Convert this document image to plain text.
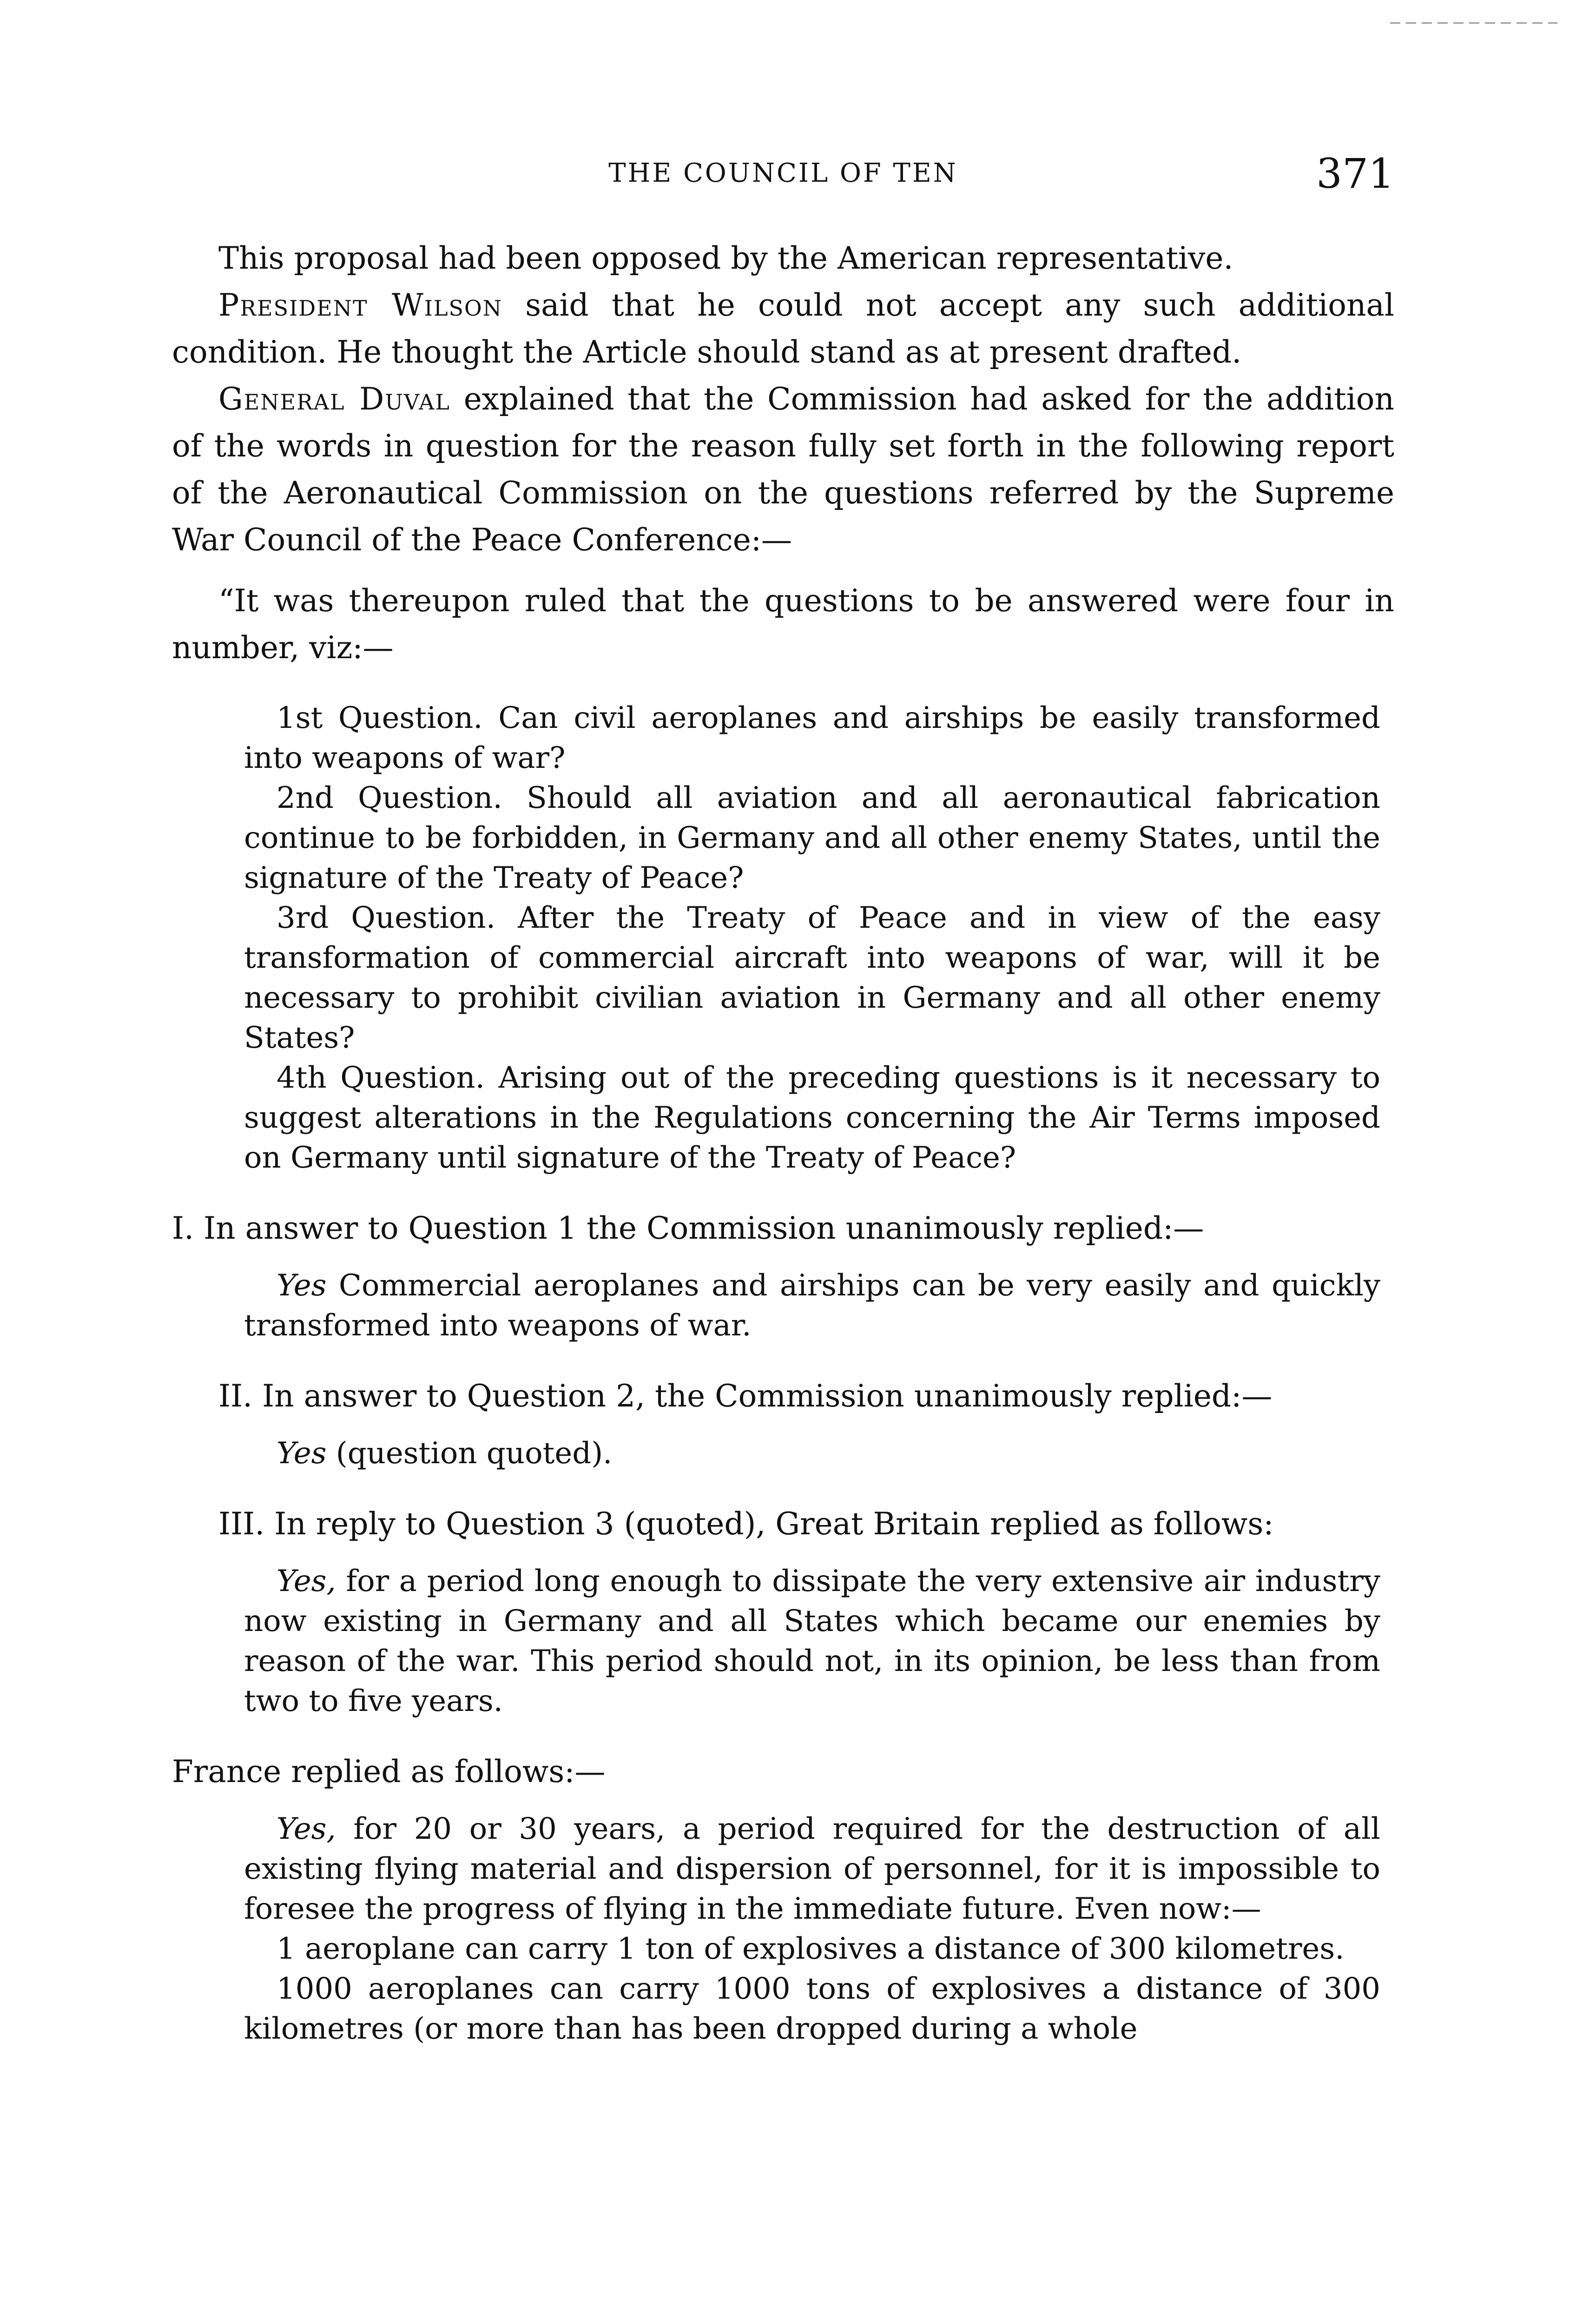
THE COUNCIL OF TEN	371

This proposal had been opposed by the American representative.

President Wilson said that he could not accept any such additional condition. He thought the Article should stand as at present drafted.

General Duval explained that the Commission had asked for the addition of the words in question for the reason fully set forth in the following report of the Aeronautical Commission on the questions referred by the Supreme War Council of the Peace Conference:—

“It was thereupon ruled that the questions to be answered were four in number, viz:—

1st Question. Can civil aeroplanes and airships be easily transformed into weapons of war?

2nd Question. Should all aviation and all aeronautical fabrication continue to be forbidden, in Germany and all other enemy States, until the signature of the Treaty of Peace?

3rd Question. After the Treaty of Peace and in view of the easy transformation of commercial aircraft into weapons of war, will it be necessary to prohibit civilian aviation in Germany and all other enemy States?

4th Question. Arising out of the preceding questions is it necessary to suggest alterations in the Regulations concerning the Air Terms imposed on Germany until signature of the Treaty of Peace?

I. In answer to Question 1 the Commission unanimously replied:—

Yes Commercial aeroplanes and airships can be very easily and quickly transformed into weapons of war.

II. In answer to Question 2, the Commission unanimously replied:—

Yes (question quoted).

III. In reply to Question 3 (quoted), Great Britain replied as follows:

Yes, for a period long enough to dissipate the very extensive air industry now existing in Germany and all States which became our enemies by reason of the war. This period should not, in its opinion, be less than from two to five years.

France replied as follows:—

Yes, for 20 or 30 years, a period required for the destruction of all existing flying material and dispersion of personnel, for it is impossible to foresee the progress of flying in the immediate future. Even now:—

1 aeroplane can carry 1 ton of explosives a distance of 300 kilometres.

1000 aeroplanes can carry 1000 tons of explosives a distance of 300 kilometres (or more than has been dropped during a whole
